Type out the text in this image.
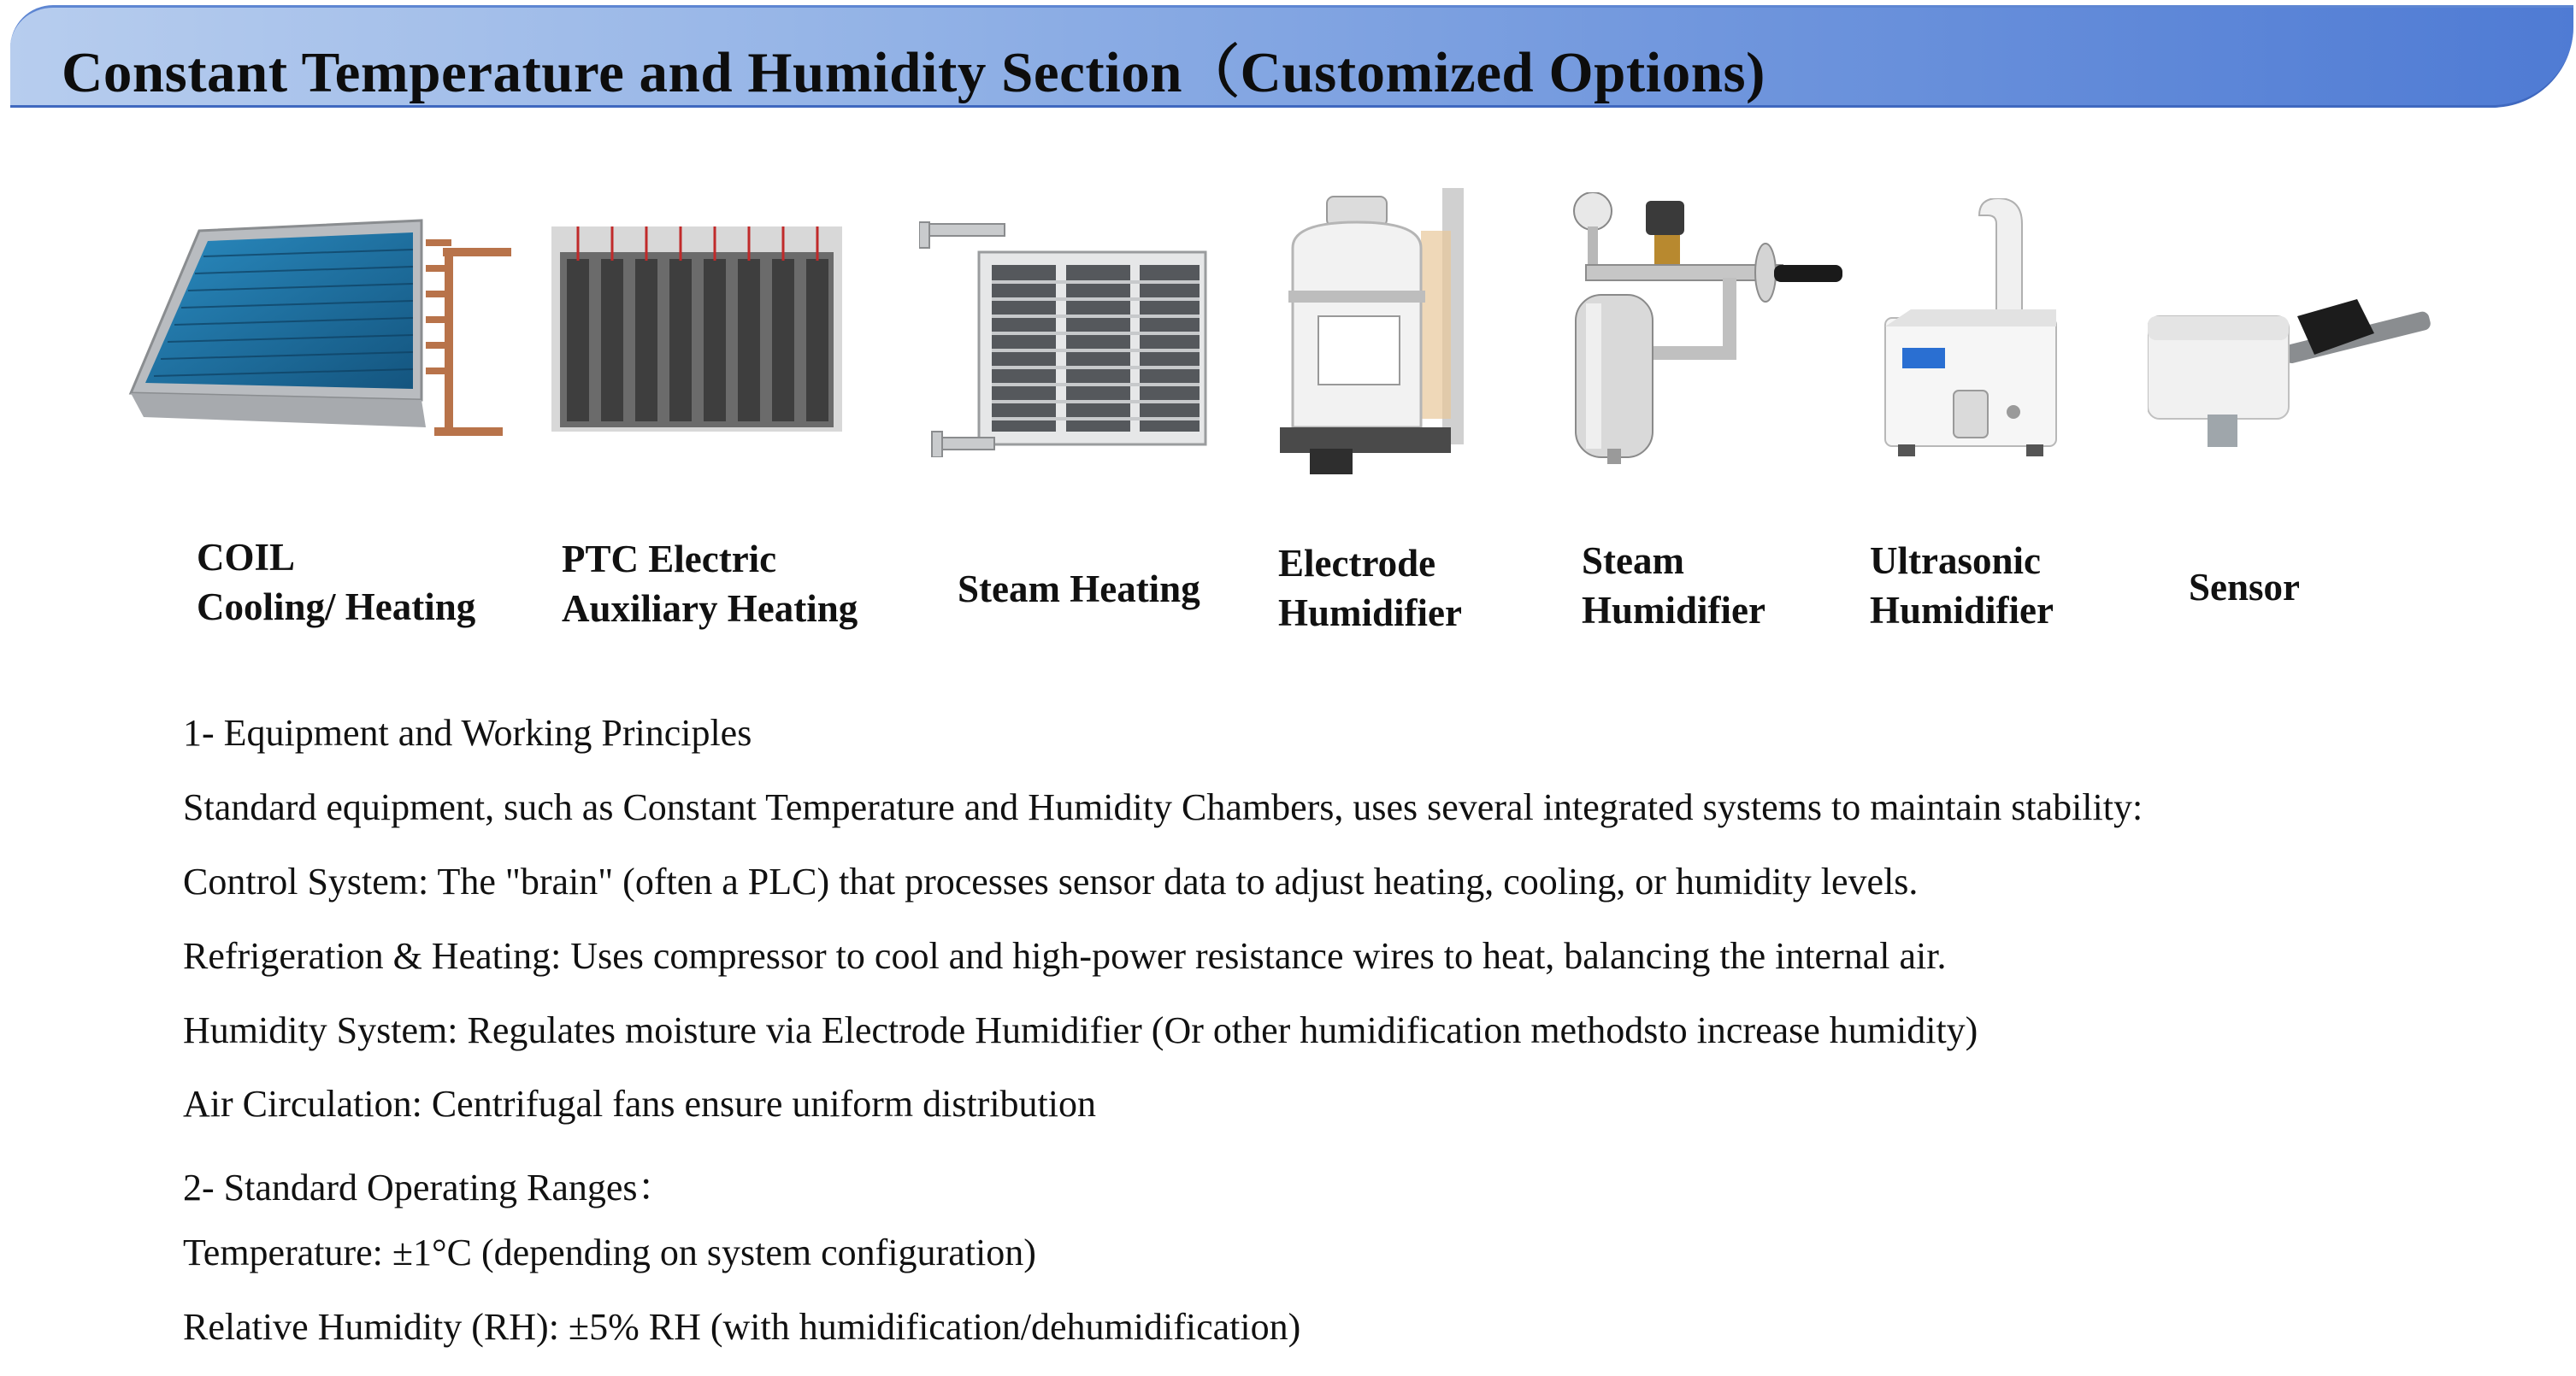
Constant Temperature and Humidity Section（Customized Options)
COIL
Cooling/ Heating
PTC Electric
Auxiliary Heating	Steam Heating
Electrode
Humidifier
Steam
Humidifier
Ultrasonic
Humidifier
Sensor
1- Equipment and Working Principles
Standard equipment, such as Constant Temperature and Humidity Chambers, uses several integrated systems to maintain stability:
Control System: The "brain" (often a PLC) that processes sensor data to adjust heating, cooling, or humidity levels.
Refrigeration & Heating: Uses compressor to cool and high-power resistance wires to heat, balancing the internal air.
Humidity System: Regulates moisture via Electrode Humidifier (Or other humidification methodsto increase humidity)
Air Circulation: Centrifugal fans ensure uniform distribution
2- Standard Operating Ranges：
Temperature: ±1°C (depending on system configuration)
Relative Humidity (RH): ±5% RH (with humidification/dehumidification)
